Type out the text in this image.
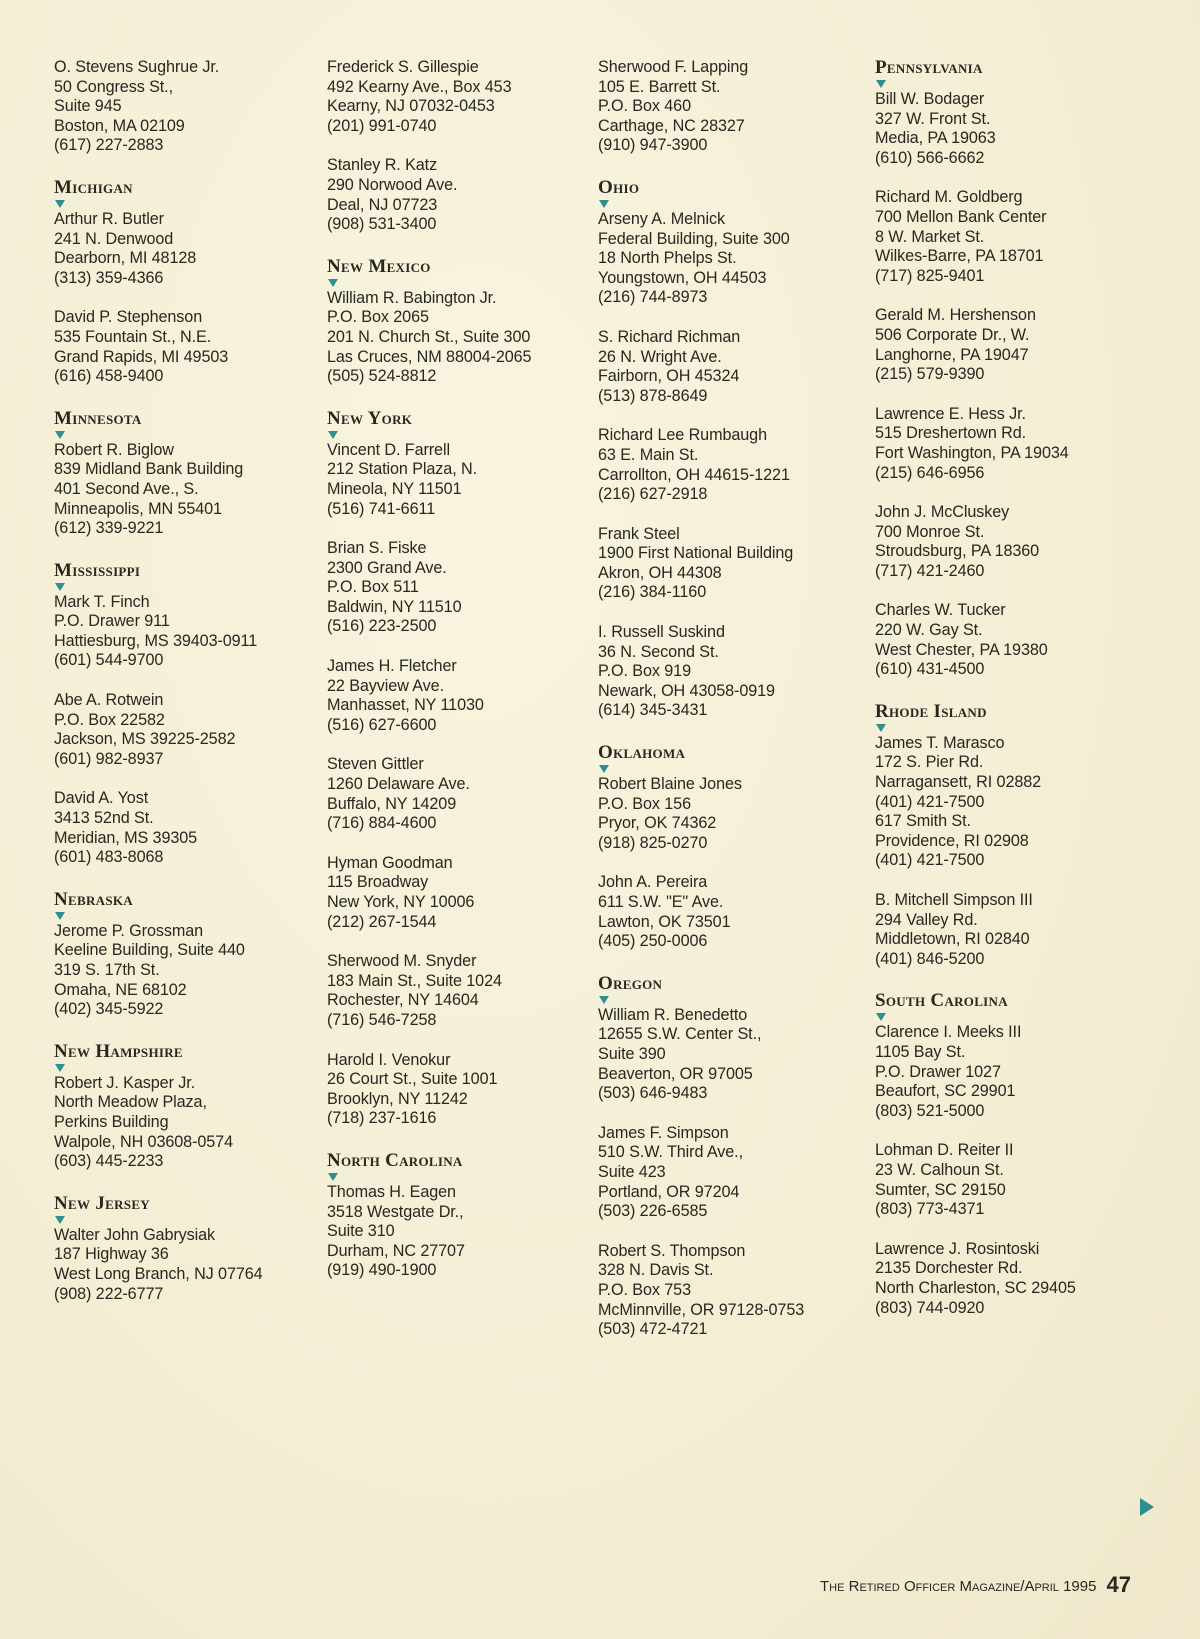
O. Stevens Sughrue Jr.
50 Congress St.,
Suite 945
Boston, MA 02109
(617) 227-2883
Michigan
Arthur R. Butler
241 N. Denwood
Dearborn, MI 48128
(313) 359-4366
David P. Stephenson
535 Fountain St., N.E.
Grand Rapids, MI 49503
(616) 458-9400
Minnesota
Robert R. Biglow
839 Midland Bank Building
401 Second Ave., S.
Minneapolis, MN 55401
(612) 339-9221
Mississippi
Mark T. Finch
P.O. Drawer 911
Hattiesburg, MS 39403-0911
(601) 544-9700
Abe A. Rotwein
P.O. Box 22582
Jackson, MS 39225-2582
(601) 982-8937
David A. Yost
3413 52nd St.
Meridian, MS 39305
(601) 483-8068
Nebraska
Jerome P. Grossman
Keeline Building, Suite 440
319 S. 17th St.
Omaha, NE 68102
(402) 345-5922
New Hampshire
Robert J. Kasper Jr.
North Meadow Plaza,
Perkins Building
Walpole, NH 03608-0574
(603) 445-2233
New Jersey
Walter John Gabrysiak
187 Highway 36
West Long Branch, NJ 07764
(908) 222-6777
Frederick S. Gillespie
492 Kearny Ave., Box 453
Kearny, NJ 07032-0453
(201) 991-0740
Stanley R. Katz
290 Norwood Ave.
Deal, NJ 07723
(908) 531-3400
New Mexico
William R. Babington Jr.
P.O. Box 2065
201 N. Church St., Suite 300
Las Cruces, NM 88004-2065
(505) 524-8812
New York
Vincent D. Farrell
212 Station Plaza, N.
Mineola, NY 11501
(516) 741-6611
Brian S. Fiske
2300 Grand Ave.
P.O. Box 511
Baldwin, NY 11510
(516) 223-2500
James H. Fletcher
22 Bayview Ave.
Manhasset, NY 11030
(516) 627-6600
Steven Gittler
1260 Delaware Ave.
Buffalo, NY 14209
(716) 884-4600
Hyman Goodman
115 Broadway
New York, NY 10006
(212) 267-1544
Sherwood M. Snyder
183 Main St., Suite 1024
Rochester, NY 14604
(716) 546-7258
Harold I. Venokur
26 Court St., Suite 1001
Brooklyn, NY 11242
(718) 237-1616
North Carolina
Thomas H. Eagen
3518 Westgate Dr.,
Suite 310
Durham, NC 27707
(919) 490-1900
Sherwood F. Lapping
105 E. Barrett St.
P.O. Box 460
Carthage, NC 28327
(910) 947-3900
Ohio
Arseny A. Melnick
Federal Building, Suite 300
18 North Phelps St.
Youngstown, OH 44503
(216) 744-8973
S. Richard Richman
26 N. Wright Ave.
Fairborn, OH 45324
(513) 878-8649
Richard Lee Rumbaugh
63 E. Main St.
Carrollton, OH 44615-1221
(216) 627-2918
Frank Steel
1900 First National Building
Akron, OH 44308
(216) 384-1160
I. Russell Suskind
36 N. Second St.
P.O. Box 919
Newark, OH 43058-0919
(614) 345-3431
Oklahoma
Robert Blaine Jones
P.O. Box 156
Pryor, OK 74362
(918) 825-0270
John A. Pereira
611 S.W. "E" Ave.
Lawton, OK 73501
(405) 250-0006
Oregon
William R. Benedetto
12655 S.W. Center St.,
Suite 390
Beaverton, OR 97005
(503) 646-9483
James F. Simpson
510 S.W. Third Ave.,
Suite 423
Portland, OR 97204
(503) 226-6585
Robert S. Thompson
328 N. Davis St.
P.O. Box 753
McMinnville, OR 97128-0753
(503) 472-4721
Pennsylvania
Bill W. Bodager
327 W. Front St.
Media, PA 19063
(610) 566-6662
Richard M. Goldberg
700 Mellon Bank Center
8 W. Market St.
Wilkes-Barre, PA 18701
(717) 825-9401
Gerald M. Hershenson
506 Corporate Dr., W.
Langhorne, PA 19047
(215) 579-9390
Lawrence E. Hess Jr.
515 Dreshertown Rd.
Fort Washington, PA 19034
(215) 646-6956
John J. McCluskey
700 Monroe St.
Stroudsburg, PA 18360
(717) 421-2460
Charles W. Tucker
220 W. Gay St.
West Chester, PA 19380
(610) 431-4500
Rhode Island
James T. Marasco
172 S. Pier Rd.
Narragansett, RI 02882
(401) 421-7500
617 Smith St.
Providence, RI 02908
(401) 421-7500
B. Mitchell Simpson III
294 Valley Rd.
Middletown, RI 02840
(401) 846-5200
South Carolina
Clarence I. Meeks III
1105 Bay St.
P.O. Drawer 1027
Beaufort, SC 29901
(803) 521-5000
Lohman D. Reiter II
23 W. Calhoun St.
Sumter, SC 29150
(803) 773-4371
Lawrence J. Rosintoski
2135 Dorchester Rd.
North Charleston, SC 29405
(803) 744-0920
The Retired Officer Magazine/April 1995 47
